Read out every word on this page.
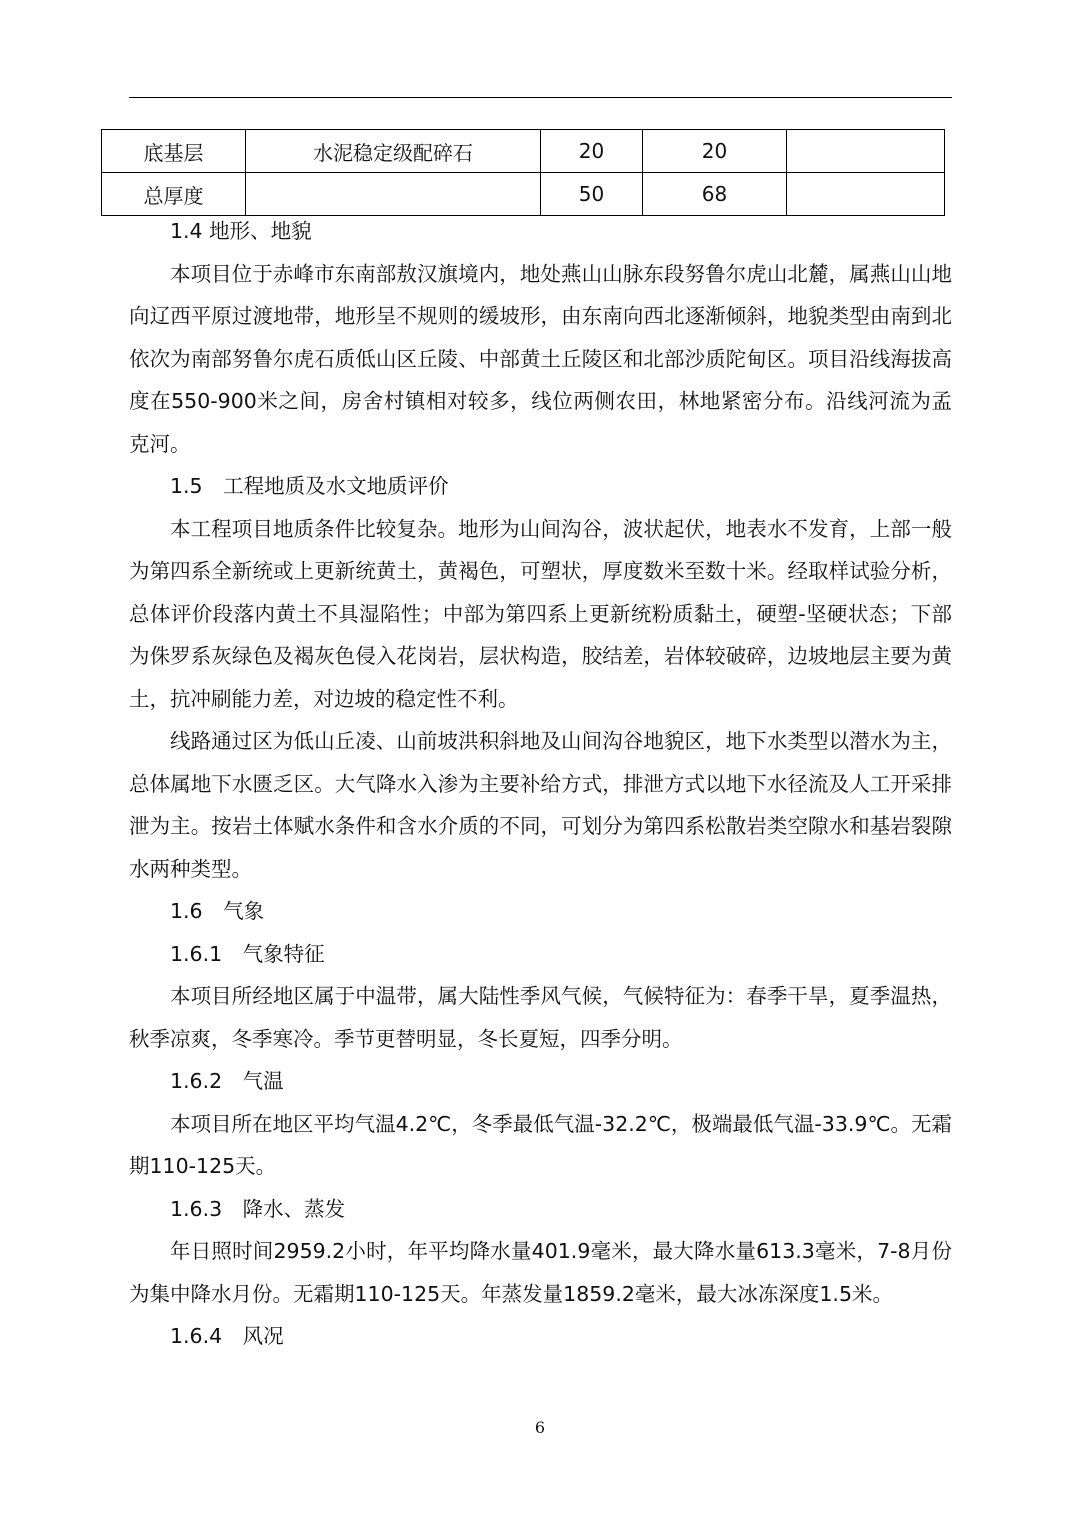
底基层	水泥稳定级配碎石	20	20	
总厚度		50	68	
1.4 地形、地貌

本项目位于赤峰市东南部敖汉旗境内，地处燕山山脉东段努鲁尔虎山北麓，属燕山山地向辽西平原过渡地带，地形呈不规则的缓坡形，由东南向西北逐渐倾斜，地貌类型由南到北依次为南部努鲁尔虎石质低山区丘陵、中部黄土丘陵区和北部沙质陀甸区。项目沿线海拔高度在550-900米之间，房舍村镇相对较多，线位两侧农田，林地紧密分布。沿线河流为孟克河。

1.5　工程地质及水文地质评价

本工程项目地质条件比较复杂。地形为山间沟谷，波状起伏，地表水不发育，上部一般为第四系全新统或上更新统黄土，黄褐色，可塑状，厚度数米至数十米。经取样试验分析，总体评价段落内黄土不具湿陷性；中部为第四系上更新统粉质黏土，硬塑-坚硬状态；下部为侏罗系灰绿色及褐灰色侵入花岗岩，层状构造，胶结差，岩体较破碎，边坡地层主要为黄土，抗冲刷能力差，对边坡的稳定性不利。

线路通过区为低山丘凌、山前坡洪积斜地及山间沟谷地貌区，地下水类型以潜水为主，总体属地下水匮乏区。大气降水入渗为主要补给方式，排泄方式以地下水径流及人工开采排泄为主。按岩土体赋水条件和含水介质的不同，可划分为第四系松散岩类空隙水和基岩裂隙水两种类型。

1.6　气象
1.6.1　气象特征

本项目所经地区属于中温带，属大陆性季风气候，气候特征为：春季干旱，夏季温热，秋季凉爽，冬季寒冷。季节更替明显，冬长夏短，四季分明。

1.6.2　气温

本项目所在地区平均气温4.2℃，冬季最低气温-32.2℃，极端最低气温-33.9℃。无霜期110-125天。

1.6.3　降水、蒸发

年日照时间2959.2小时，年平均降水量401.9毫米，最大降水量613.3毫米，7-8月份为集中降水月份。无霜期110-125天。年蒸发量1859.2毫米，最大冰冻深度1.5米。

1.6.4　风况
6
